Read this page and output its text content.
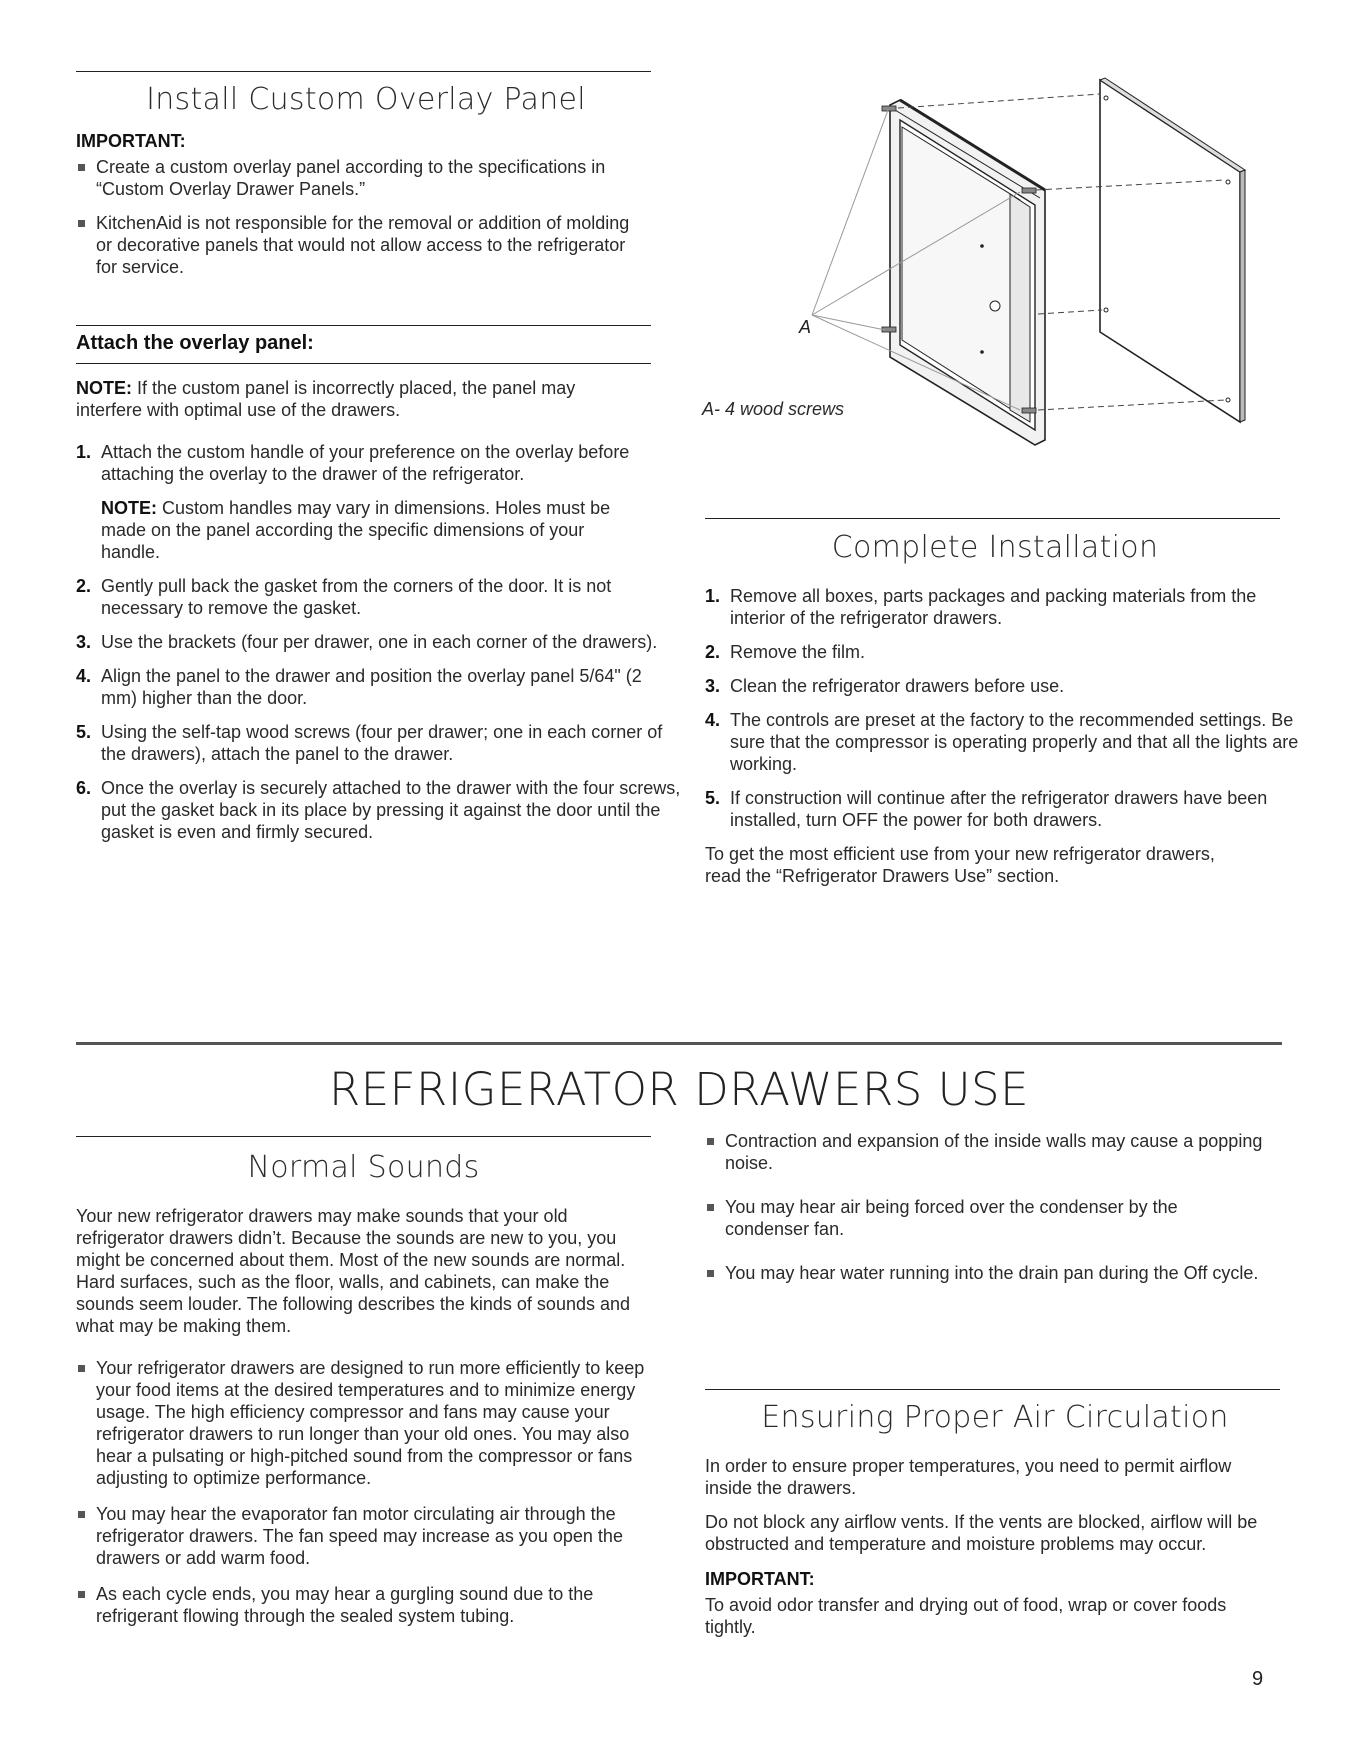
Install Custom Overlay Panel

IMPORTANT:

Create a custom overlay panel according to the specifications in “Custom Overlay Drawer Panels.”
KitchenAid is not responsible for the removal or addition of molding or decorative panels that would not allow access to the refrigerator for service.

Attach the overlay panel:

NOTE: If the custom panel is incorrectly placed, the panel may interfere with optimal use of the drawers.

1. Attach the custom handle of your preference on the overlay before attaching the overlay to the drawer of the refrigerator.

NOTE: Custom handles may vary in dimensions. Holes must be made on the panel according the specific dimensions of your handle.

2. Gently pull back the gasket from the corners of the door. It is not necessary to remove the gasket.
3. Use the brackets (four per drawer, one in each corner of the drawers).
4. Align the panel to the drawer and position the overlay panel 5/64" (2 mm) higher than the door.
5. Using the self-tap wood screws (four per drawer; one in each corner of the drawers), attach the panel to the drawer.
6. Once the overlay is securely attached to the drawer with the four screws, put the gasket back in its place by pressing it against the door until the gasket is even and firmly secured.
A
A- 4 wood screws
Complete Installation
1. Remove all boxes, parts packages and packing materials from the interior of the refrigerator drawers.
2. Remove the film.
3. Clean the refrigerator drawers before use.
4. The controls are preset at the factory to the recommended settings. Be sure that the compressor is operating properly and that all the lights are working.
5. If construction will continue after the refrigerator drawers have been installed, turn OFF the power for both drawers.

To get the most efficient use from your new refrigerator drawers, read the “Refrigerator Drawers Use” section.

REFRIGERATOR DRAWERS USE
Normal Sounds

Your new refrigerator drawers may make sounds that your old refrigerator drawers didn’t. Because the sounds are new to you, you might be concerned about them. Most of the new sounds are normal. Hard surfaces, such as the floor, walls, and cabinets, can make the sounds seem louder. The following describes the kinds of sounds and what may be making them.

Your refrigerator drawers are designed to run more efficiently to keep your food items at the desired temperatures and to minimize energy usage. The high efficiency compressor and fans may cause your refrigerator drawers to run longer than your old ones. You may also hear a pulsating or high-pitched sound from the compressor or fans adjusting to optimize performance.
You may hear the evaporator fan motor circulating air through the refrigerator drawers. The fan speed may increase as you open the drawers or add warm food.
As each cycle ends, you may hear a gurgling sound due to the refrigerant flowing through the sealed system tubing.
Contraction and expansion of the inside walls may cause a popping noise.
You may hear air being forced over the condenser by the condenser fan.
You may hear water running into the drain pan during the Off cycle.
Ensuring Proper Air Circulation

In order to ensure proper temperatures, you need to permit airflow inside the drawers.

Do not block any airflow vents. If the vents are blocked, airflow will be obstructed and temperature and moisture problems may occur.

IMPORTANT:

To avoid odor transfer and drying out of food, wrap or cover foods tightly.

9
